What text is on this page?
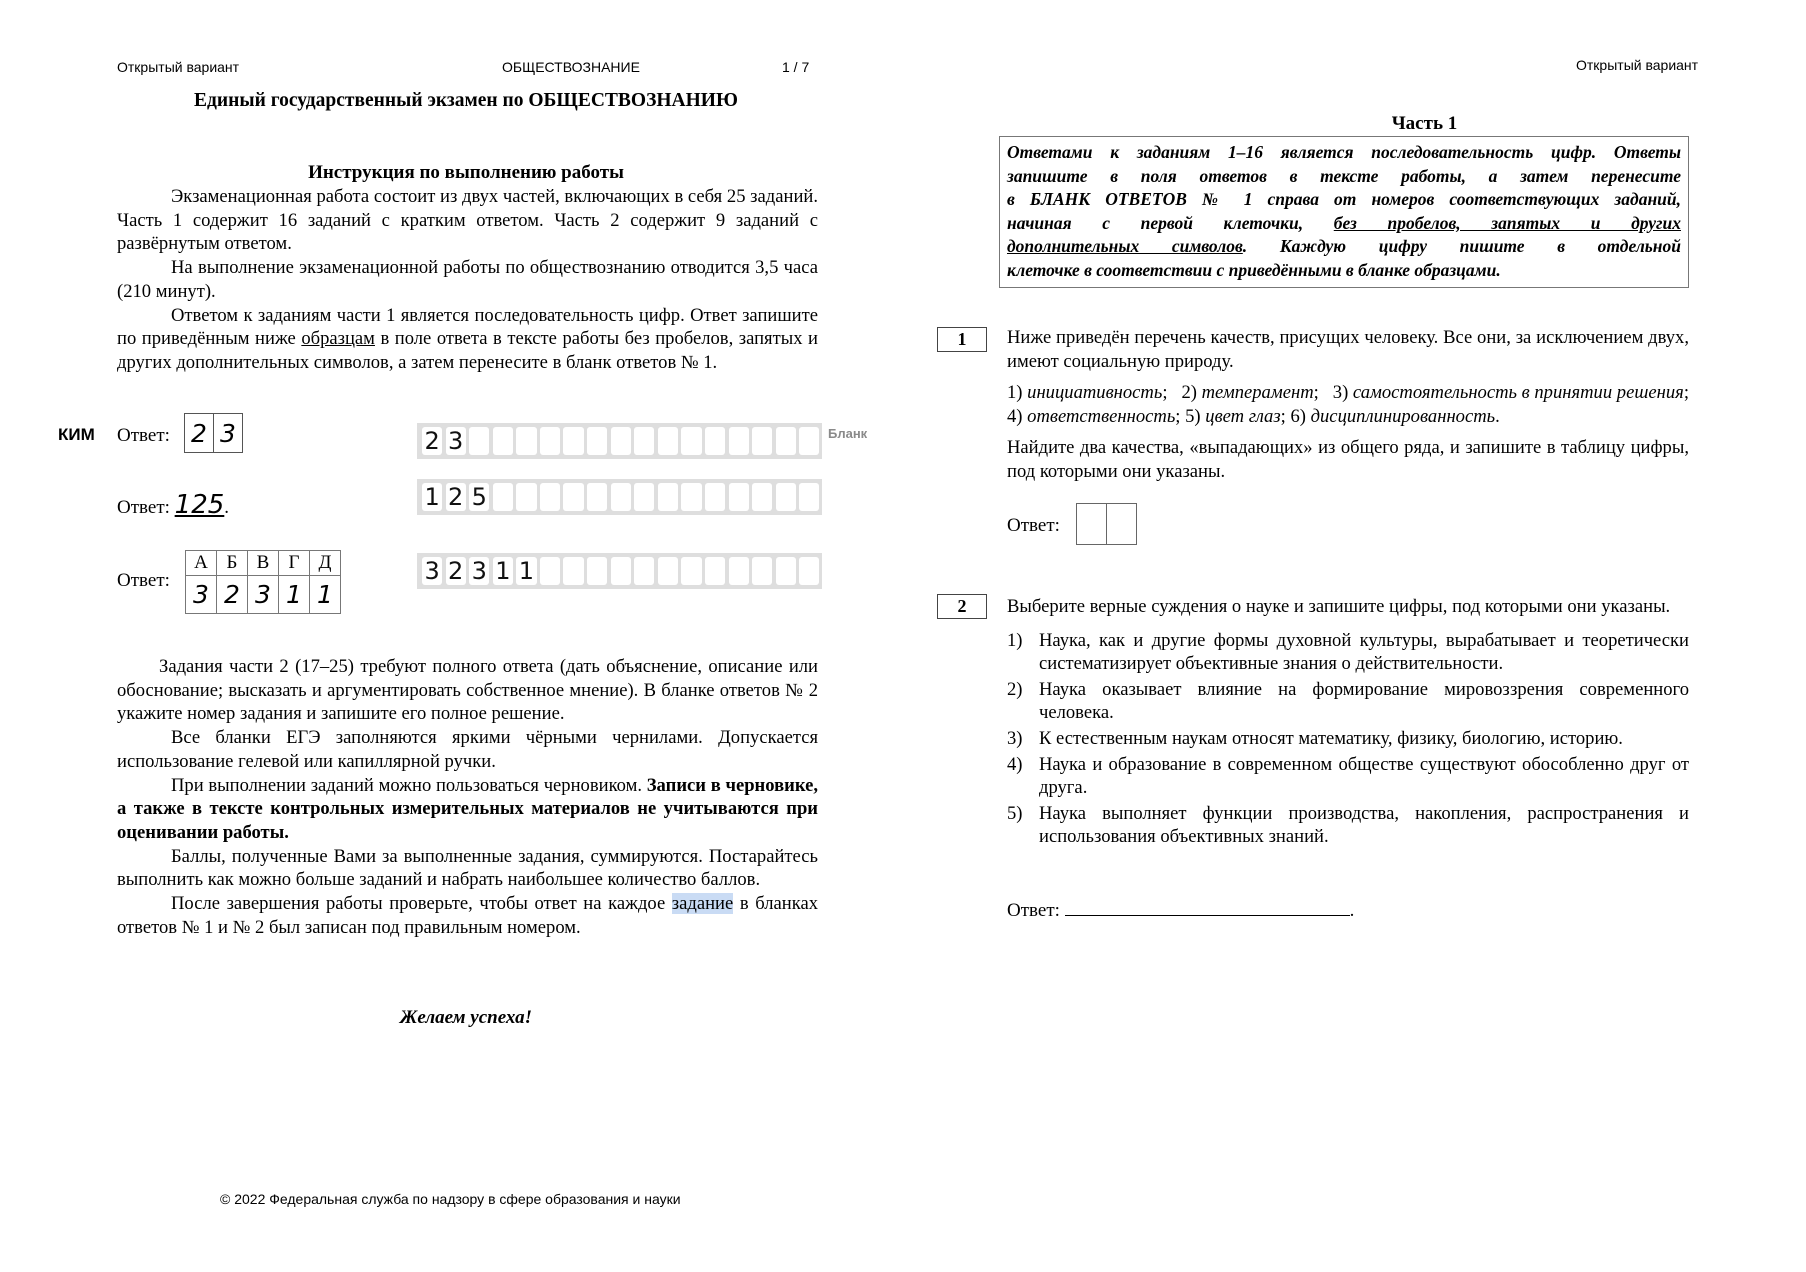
Открытый вариант	ОБЩЕСТВОЗНАНИЕ	1 / 7
Единый государственный экзамен по ОБЩЕСТВОЗНАНИЮ
Инструкция по выполнению работы

Экзаменационная работа состоит из двух частей, включающих в себя 25 заданий. Часть 1 содержит 16 заданий с кратким ответом. Часть 2 содержит 9 заданий с развёрнутым ответом.

На выполнение экзаменационной работы по обществознанию отводится 3,5 часа (210 минут).

Ответом к заданиям части 1 является последовательность цифр. Ответ запишите по приведённым ниже образцам в поле ответа в тексте работы без пробелов, запятых и других дополнительных символов, а затем перенесите в бланк ответов № 1.

КИМ Ответ: 2 3
Ответ: 125.
Ответ:
А	Б	В	Г	Д
3	2	3	1	1
2 3	Бланк
1 2 5
3 2 3 1 1

Задания части 2 (17–25) требуют полного ответа (дать объяснение, описание или обоснование; высказать и аргументировать собственное мнение). В бланке ответов № 2 укажите номер задания и запишите его полное решение.

Все бланки ЕГЭ заполняются яркими чёрными чернилами. Допускается использование гелевой или капиллярной ручки.

При выполнении заданий можно пользоваться черновиком. Записи в черновике, а также в тексте контрольных измерительных материалов не учитываются при оценивании работы.

Баллы, полученные Вами за выполненные задания, суммируются. Постарайтесь выполнить как можно больше заданий и набрать наибольшее количество баллов.

После завершения работы проверьте, чтобы ответ на каждое задание в бланках ответов № 1 и № 2 был записан под правильным номером.

Желаем успеха!
© 2022 Федеральная служба по надзору в сфере образования и науки
Открытый вариант
Часть 1
Ответами к заданиям 1–16 является последовательность цифр. Ответы
запишите в поля ответов в тексте работы, а затем перенесите
в БЛАНК ОТВЕТОВ № 1 справа от номеров соответствующих заданий,
начиная с первой клеточки, без пробелов, запятых и других
дополнительных символов. Каждую цифру пишите в отдельной
клеточке в соответствии с приведёнными в бланке образцами.
1	Ниже приведён перечень качеств, присущих человеку. Все они, за исключением двух, имеют социальную природу.

1) инициативность;   2) темперамент;   3) самостоятельность в принятии решения; 4) ответственность; 5) цвет глаз; 6) дисциплинированность.

Найдите два качества, «выпадающих» из общего ряда, и запишите в таблицу цифры, под которыми они указаны.

Ответ:
2	Выберите верные суждения о науке и запишите цифры, под которыми они указаны.

1) Наука, как и другие формы духовной культуры, вырабатывает и теоретически систематизирует объективные знания о действительности.
2) Наука оказывает влияние на формирование мировоззрения современного человека.
3) К естественным наукам относят математику, физику, биологию, историю.
4) Наука и образование в современном обществе существуют обособленно друг от друга.
5) Наука выполняет функции производства, накопления, распространения и использования объективных знаний.
Ответ:	.
